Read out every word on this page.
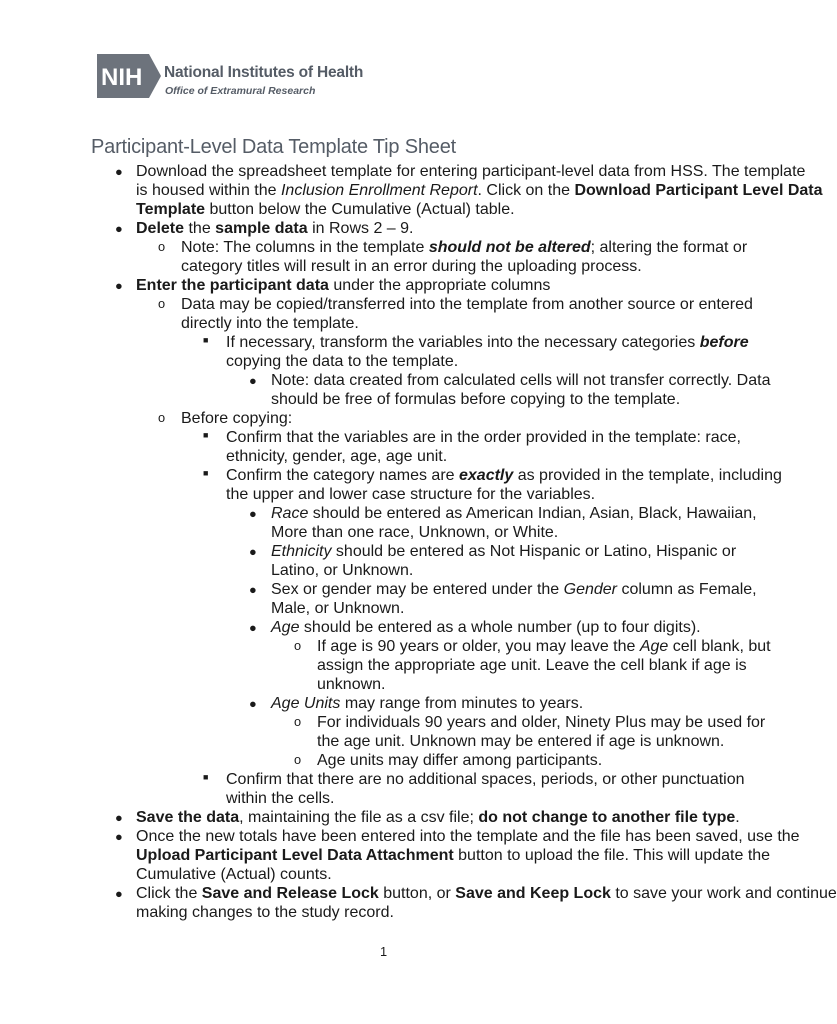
NIH National Institutes of Health
Office of Extramural Research
Participant-Level Data Template Tip Sheet
● Download the spreadsheet template for entering participant-level data from HSS. The template
is housed within the Inclusion Enrollment Report. Click on the Download Participant Level Data
Template button below the Cumulative (Actual) table.
● Delete the sample data in Rows 2 – 9.
o Note: The columns in the template should not be altered; altering the format or
category titles will result in an error during the uploading process.
● Enter the participant data under the appropriate columns
o Data may be copied/transferred into the template from another source or entered
directly into the template.
■ If necessary, transform the variables into the necessary categories before
copying the data to the template.
● Note: data created from calculated cells will not transfer correctly. Data
should be free of formulas before copying to the template.
o Before copying:
■ Confirm that the variables are in the order provided in the template: race,
ethnicity, gender, age, age unit.
■ Confirm the category names are exactly as provided in the template, including
the upper and lower case structure for the variables.
● Race should be entered as American Indian, Asian, Black, Hawaiian,
More than one race, Unknown, or White.
● Ethnicity should be entered as Not Hispanic or Latino, Hispanic or
Latino, or Unknown.
● Sex or gender may be entered under the Gender column as Female,
Male, or Unknown.
● Age should be entered as a whole number (up to four digits).
o If age is 90 years or older, you may leave the Age cell blank, but
assign the appropriate age unit. Leave the cell blank if age is
unknown.
● Age Units may range from minutes to years.
o For individuals 90 years and older, Ninety Plus may be used for
the age unit. Unknown may be entered if age is unknown.
o Age units may differ among participants.
■ Confirm that there are no additional spaces, periods, or other punctuation
within the cells.
● Save the data, maintaining the file as a csv file; do not change to another file type.
● Once the new totals have been entered into the template and the file has been saved, use the
Upload Participant Level Data Attachment button to upload the file. This will update the
Cumulative (Actual) counts.
● Click the Save and Release Lock button, or Save and Keep Lock to save your work and continue
making changes to the study record.
1
